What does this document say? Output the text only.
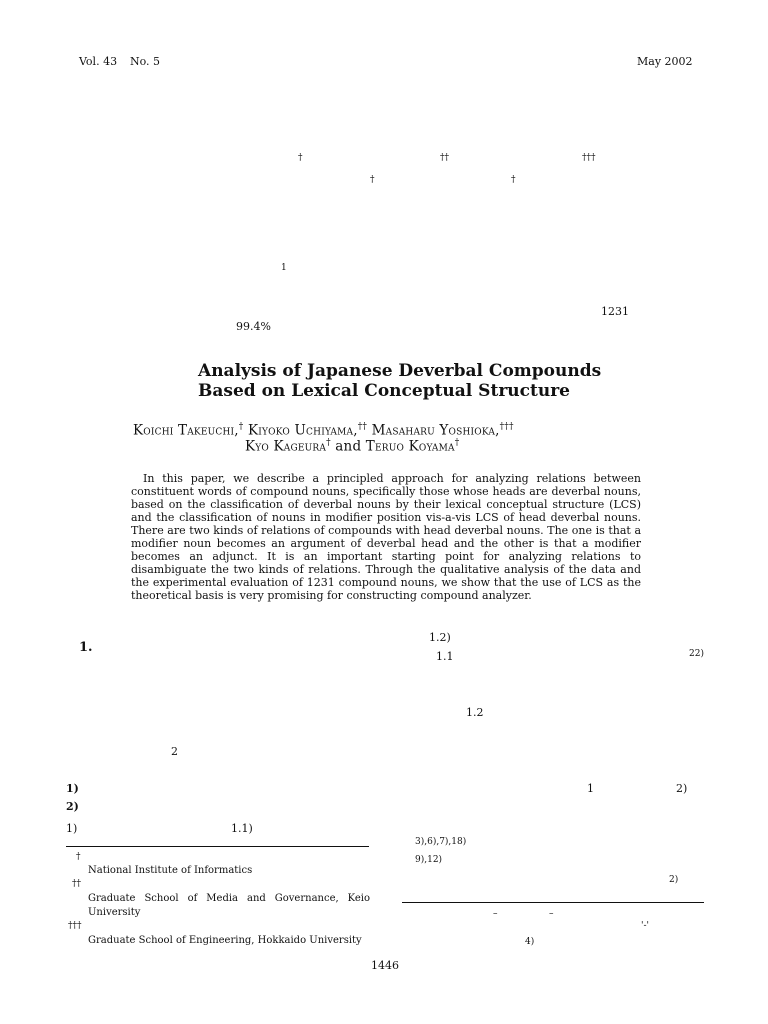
Vol. 43 No. 5	May 2002
†	††	†††
†	†
1
1231
99.4%
Analysis of Japanese Deverbal Compounds
Based on Lexical Conceptual Structure
Koichi Takeuchi,† Kiyoko Uchiyama,†† Masaharu Yoshioka,†††
Kyo Kageura† and Teruo Koyama†
In this paper, we describe a principled approach for analyzing relations between constituent words of compound nouns, specifically those whose heads are deverbal nouns, based on the classification of deverbal nouns by their lexical conceptual structure (LCS) and the classification of nouns in modifier position vis-a-vis LCS of head deverbal nouns. There are two kinds of relations of compounds with head deverbal nouns. The one is that a modifier noun becomes an argument of deverbal head and the other is that a modifier becomes an adjunct. It is an important starting point for analyzing relations to disambiguate the two kinds of relations. Through the qualitative analysis of the data and the experimental evaluation of 1231 compound nouns, we show that the use of LCS as the theoretical basis is very promising for constructing compound analyzer.
1.
2
1)
2)
1)	1.1)
†
National Institute of Informatics
††
Graduate School of Media and Governance, Keio University
†††
Graduate School of Engineering, Hokkaido University
1.2)
1.1	22)
1.2
1	2)
3),6),7),18)
9),12)
2)
–	–
'-'
4)
1446
